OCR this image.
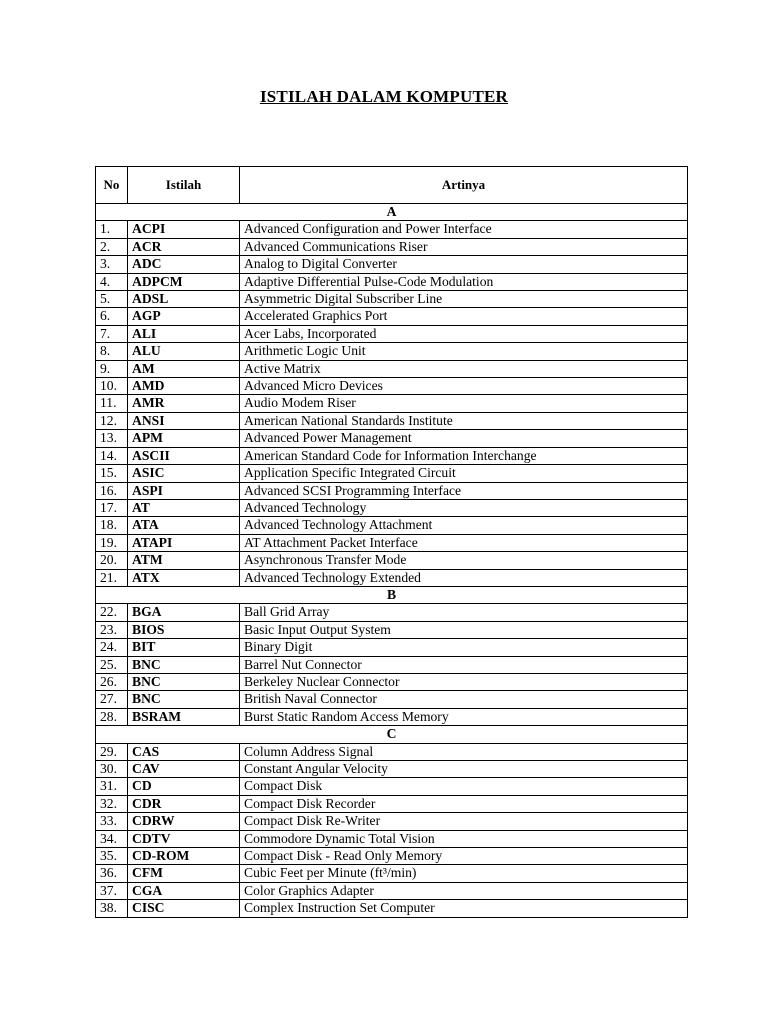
ISTILAH DALAM KOMPUTER
No	Istilah	Artinya
A		
1.	ACPI	Advanced Configuration and Power Interface
2.	ACR	Advanced Communications Riser
3.	ADC	Analog to Digital Converter
4.	ADPCM	Adaptive Differential Pulse-Code Modulation
5.	ADSL	Asymmetric Digital Subscriber Line
6.	AGP	Accelerated Graphics Port
7.	ALI	Acer Labs, Incorporated
8.	ALU	Arithmetic Logic Unit
9.	AM	Active Matrix
10.	AMD	Advanced Micro Devices
11.	AMR	Audio Modem Riser
12.	ANSI	American National Standards Institute
13.	APM	Advanced Power Management
14.	ASCII	American Standard Code for Information Interchange
15.	ASIC	Application Specific Integrated Circuit
16.	ASPI	Advanced SCSI Programming Interface
17.	AT	Advanced Technology
18.	ATA	Advanced Technology Attachment
19.	ATAPI	AT Attachment Packet Interface
20.	ATM	Asynchronous Transfer Mode
21.	ATX	Advanced Technology Extended
B		
22.	BGA	Ball Grid Array
23.	BIOS	Basic Input Output System
24.	BIT	Binary Digit
25.	BNC	Barrel Nut Connector
26.	BNC	Berkeley Nuclear Connector
27.	BNC	British Naval Connector
28.	BSRAM	Burst Static Random Access Memory
C		
29.	CAS	Column Address Signal
30.	CAV	Constant Angular Velocity
31.	CD	Compact Disk
32.	CDR	Compact Disk Recorder
33.	CDRW	Compact Disk Re-Writer
34.	CDTV	Commodore Dynamic Total Vision
35.	CD-ROM	Compact Disk - Read Only Memory
36.	CFM	Cubic Feet per Minute (ft³/min)
37.	CGA	Color Graphics Adapter
38.	CISC	Complex Instruction Set Computer
